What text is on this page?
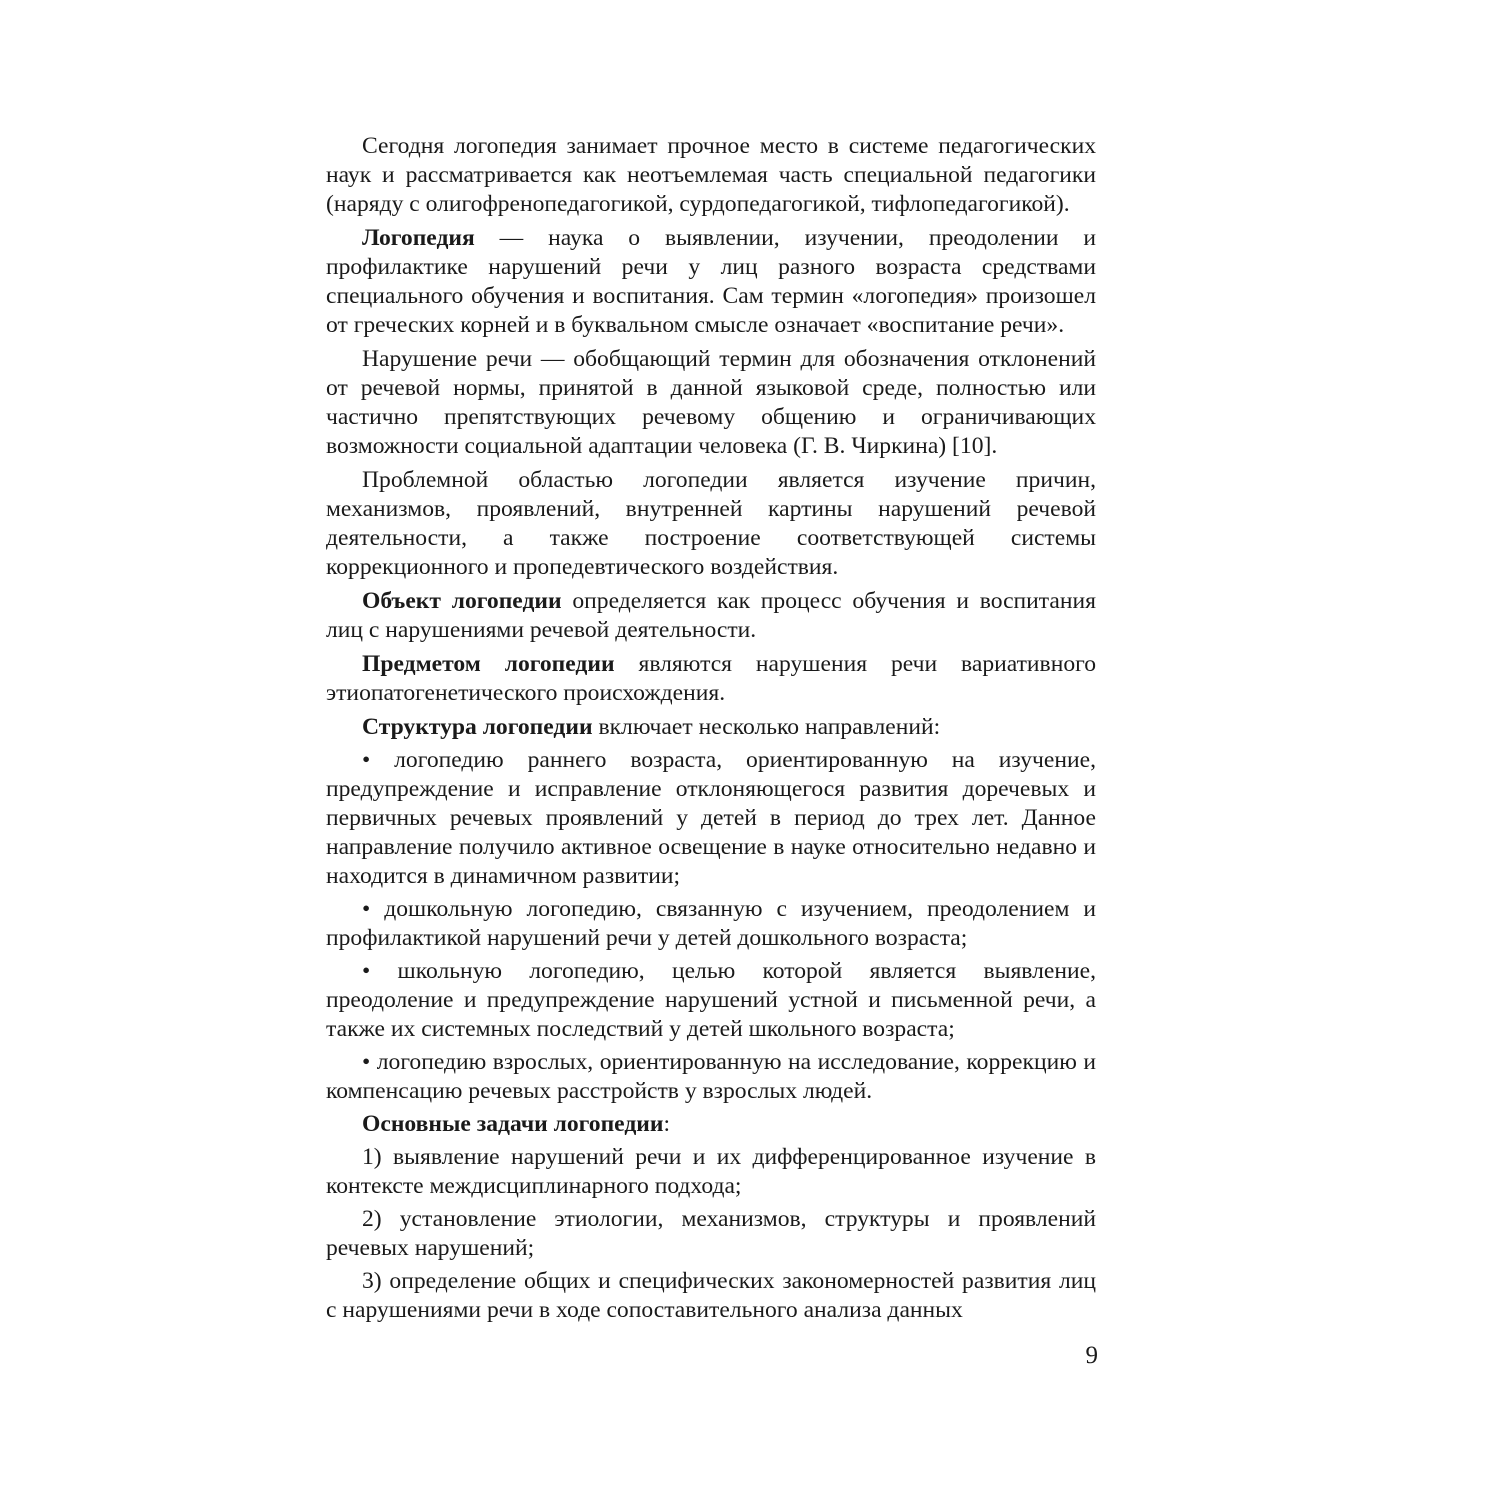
Сегодня логопедия занимает прочное место в системе педагогических наук и рассматривается как неотъемлемая часть специальной педагогики (наряду с олигофренопедагогикой, сурдопедагогикой, тифлопедагогикой).

Логопедия — наука о выявлении, изучении, преодолении и профилактике нарушений речи у лиц разного возраста средствами специального обучения и воспитания. Сам термин «логопедия» произошел от греческих корней и в буквальном смысле означает «воспитание речи».

Нарушение речи — обобщающий термин для обозначения отклонений от речевой нормы, принятой в данной языковой среде, полностью или частично препятствующих речевому общению и ограничивающих возможности социальной адаптации человека (Г. В. Чиркина) [10].

Проблемной областью логопедии является изучение причин, механизмов, проявлений, внутренней картины нарушений речевой деятельности, а также построение соответствующей системы коррекционного и пропедевтического воздействия.

Объект логопедии определяется как процесс обучения и воспитания лиц с нарушениями речевой деятельности.

Предметом логопедии являются нарушения речи вариативного этиопатогенетического происхождения.

Структура логопедии включает несколько направлений:

• логопедию раннего возраста, ориентированную на изучение, предупреждение и исправление отклоняющегося развития доречевых и первичных речевых проявлений у детей в период до трех лет. Данное направление получило активное освещение в науке относительно недавно и находится в динамичном развитии;

• дошкольную логопедию, связанную с изучением, преодолением и профилактикой нарушений речи у детей дошкольного возраста;

• школьную логопедию, целью которой является выявление, преодоление и предупреждение нарушений устной и письменной речи, а также их системных последствий у детей школьного возраста;

• логопедию взрослых, ориентированную на исследование, коррекцию и компенсацию речевых расстройств у взрослых людей.

Основные задачи логопедии:

1) выявление нарушений речи и их дифференцированное изучение в контексте междисциплинарного подхода;

2) установление этиологии, механизмов, структуры и проявлений речевых нарушений;

3) определение общих и специфических закономерностей развития лиц с нарушениями речи в ходе сопоставительного анализа данных

9
